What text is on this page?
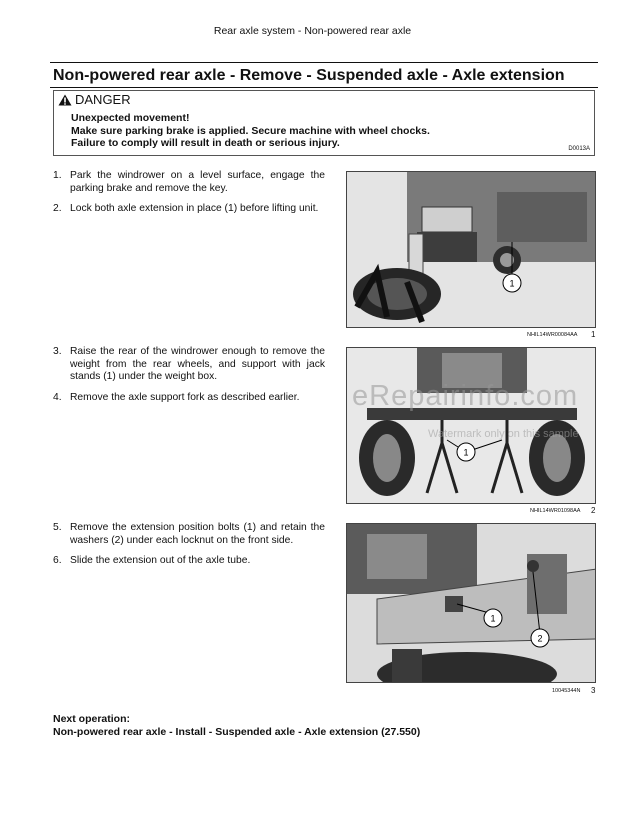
Rear axle system - Non-powered rear axle
Non-powered rear axle - Remove - Suspended axle - Axle extension
DANGER
Unexpected movement!
Make sure parking brake is applied. Secure machine with wheel chocks.
Failure to comply will result in death or serious injury.	D0013A
1. Park the windrower on a level surface, engage the parking brake and remove the key.
2. Lock both axle extension in place (1) before lifting unit.
1
NHIL14WR00084AA 1
3. Raise the rear of the windrower enough to remove the weight from the rear wheels, and support with jack stands (1) under the weight box.
4. Remove the axle support fork as described earlier.
1
NHIL14WR01098AA 2
5. Remove the extension position bolts (1) and retain the washers (2) under each locknut on the front side.
6. Slide the extension out of the axle tube.
1
2
10045344N 3
Next operation:
Non-powered rear axle - Install - Suspended axle - Axle extension (27.550)
eRepairinfo.com
Watermark only on this sample
